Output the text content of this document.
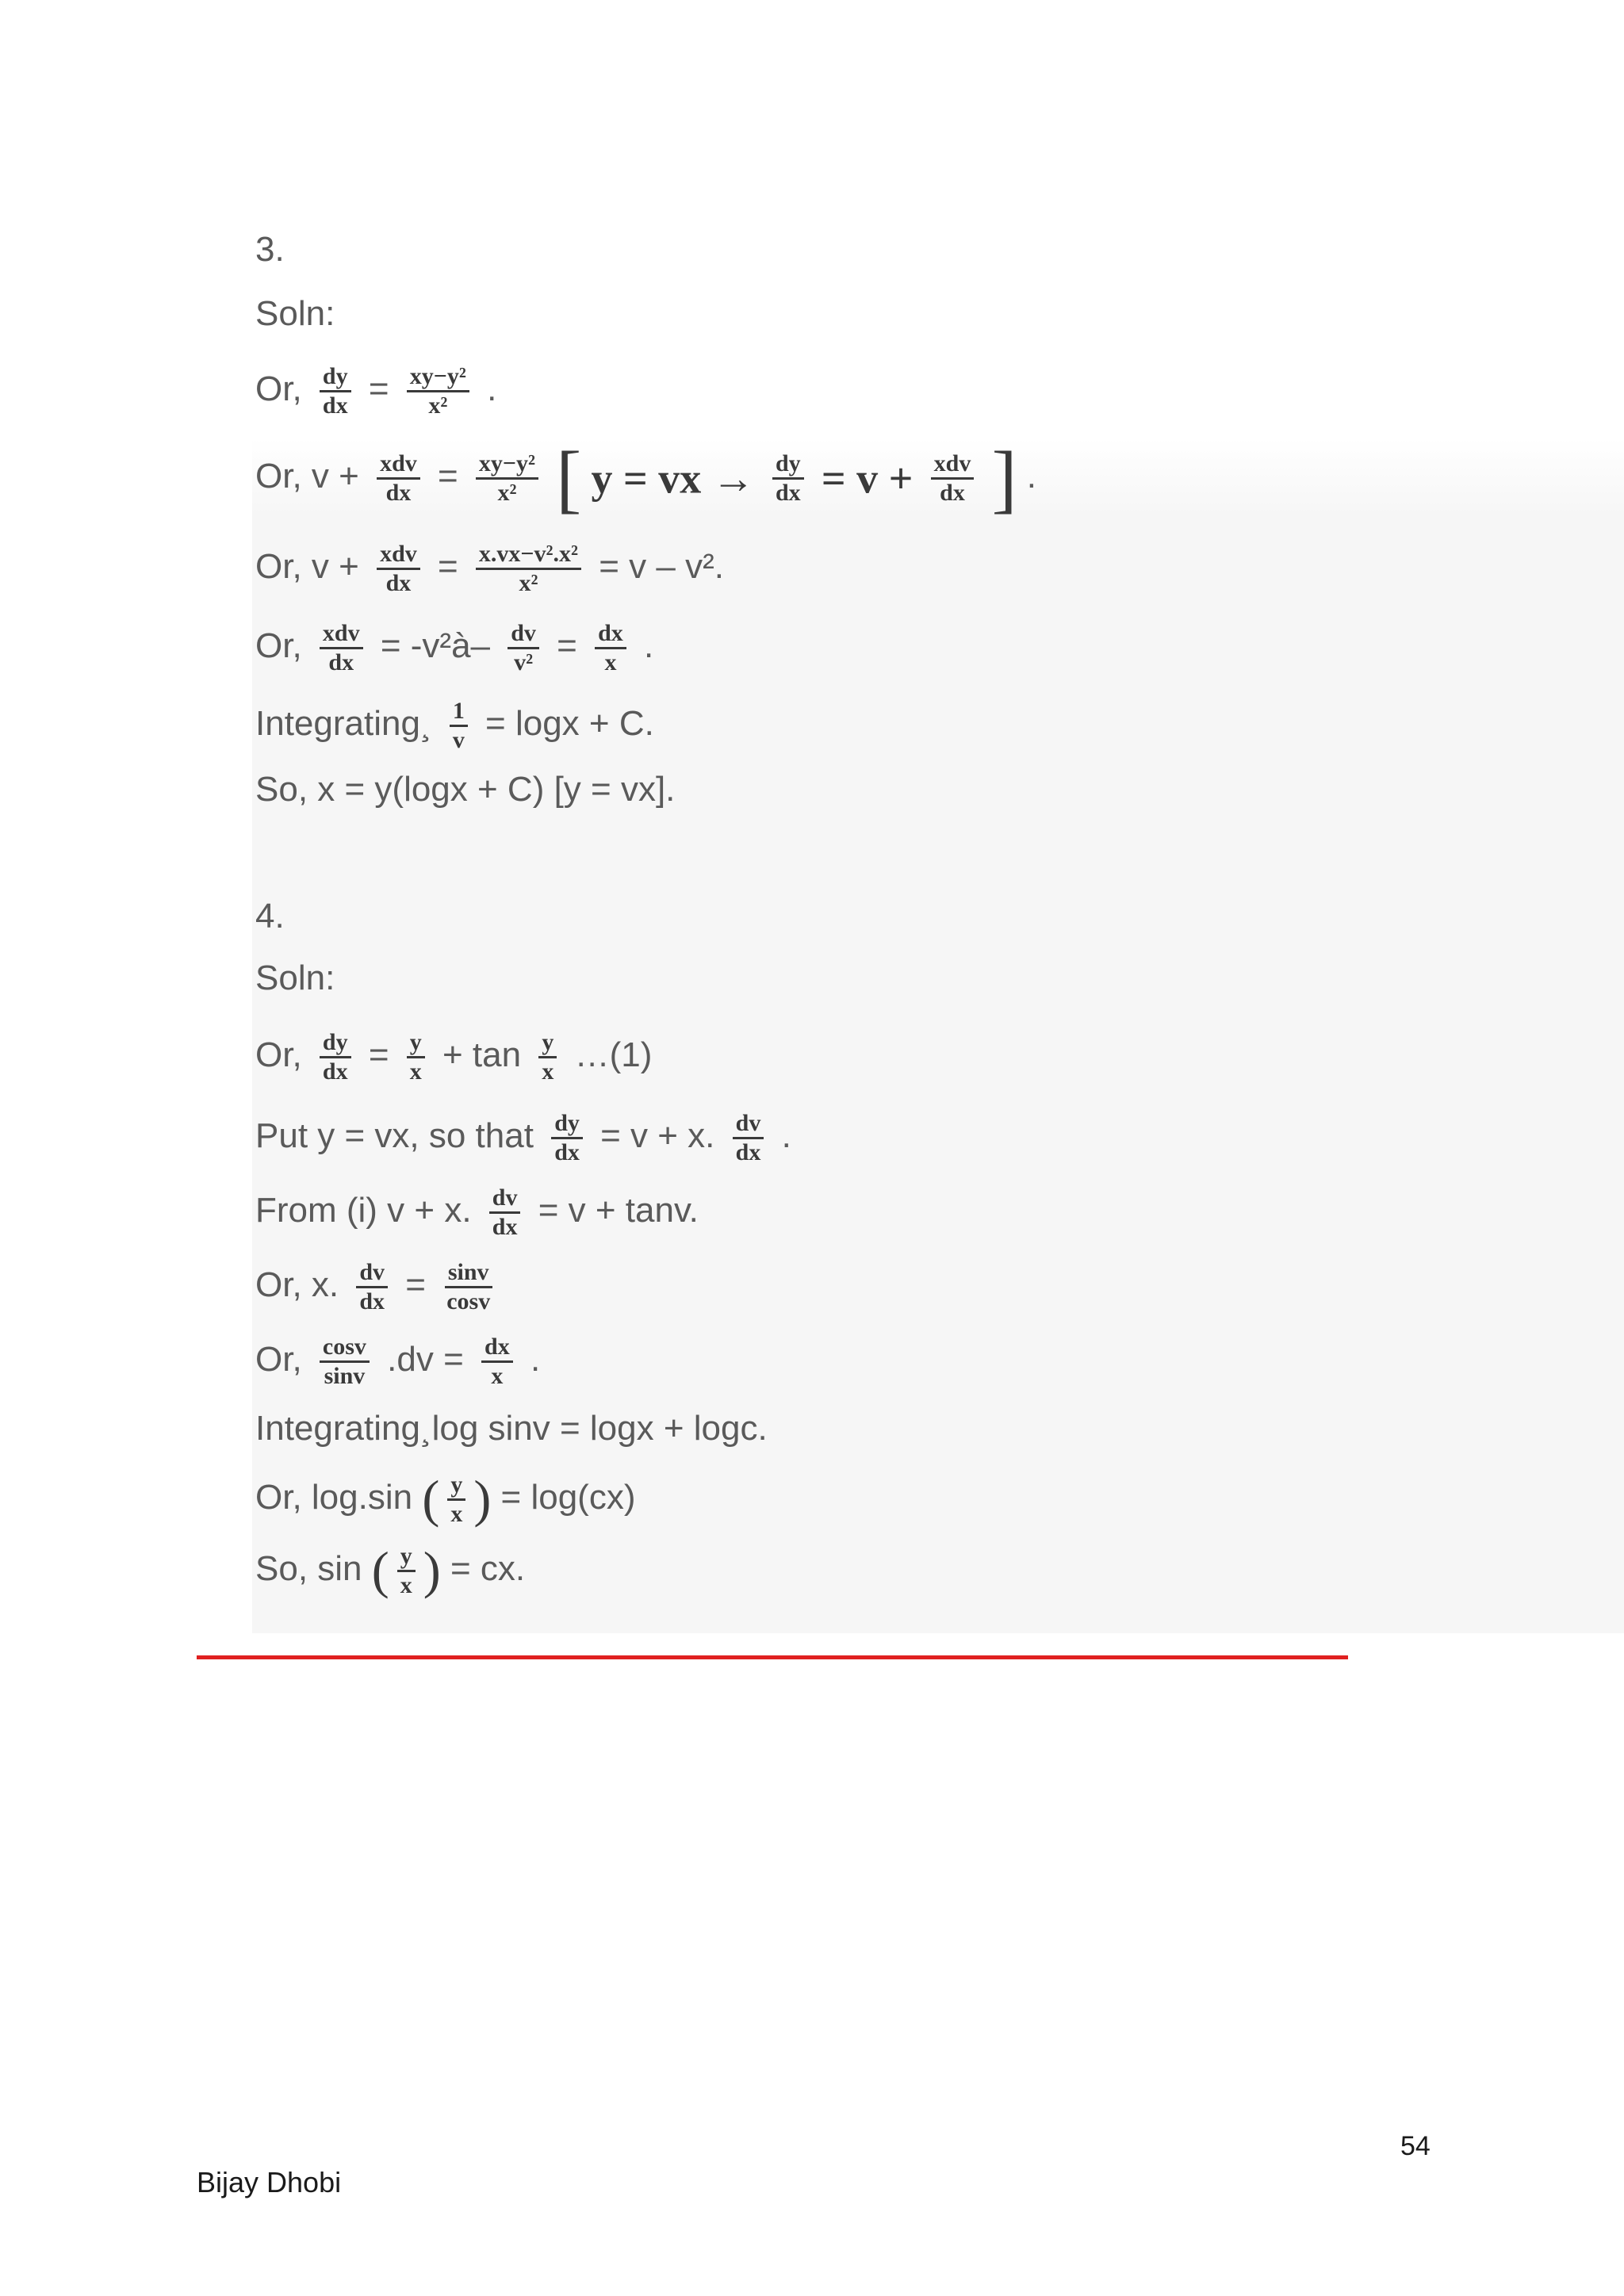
3.
Soln:
Or, $\frac{dy}{dx} = \frac{\text{xy−y²}}{\text{x²}}$ .
Or, $v + \frac{\text{xdv}}{dx} = \frac{\text{xy−y²}}{\text{x²}}$ [ y = vx → $\frac{dy}{dx} = v + \frac{\text{xdv}}{dx}$ ] .
Or, $v + \frac{\text{xdv}}{dx} = \frac{\text{x.vx−v².x²}}{\text{x²}} = v - v^2$.
Or, $\frac{\text{xdv}}{dx}$ = -v²à– $\frac{dv}{\text{v²}} = \frac{dx}{x}$ .
Integrating¸ $\frac{1}{v} = \log x + C$.
So, x = y(logx + C) [y = vx].
4.
Soln:
Or, $\frac{dy}{dx} = \frac{y}{x} + \tan \frac{y}{x}$ …(1)
Put y = vx, so that $\frac{dy}{dx} = v + x$. $\frac{dv}{dx}$ .
From (i) v + x. $\frac{dv}{dx} = v + \tan v$.
Or, x. $\frac{dv}{dx} = \frac{\sin v}{\cos v}$
Or, $\frac{\cos v}{\sin v} .dv = \frac{dx}{x}$ .
Integrating¸log sinv = logx + logc.
Or, log.sin ( $\frac{y}{x}$ ) = log(cx)
So, sin ( $\frac{y}{x}$ ) = cx.
54
Bijay Dhobi
